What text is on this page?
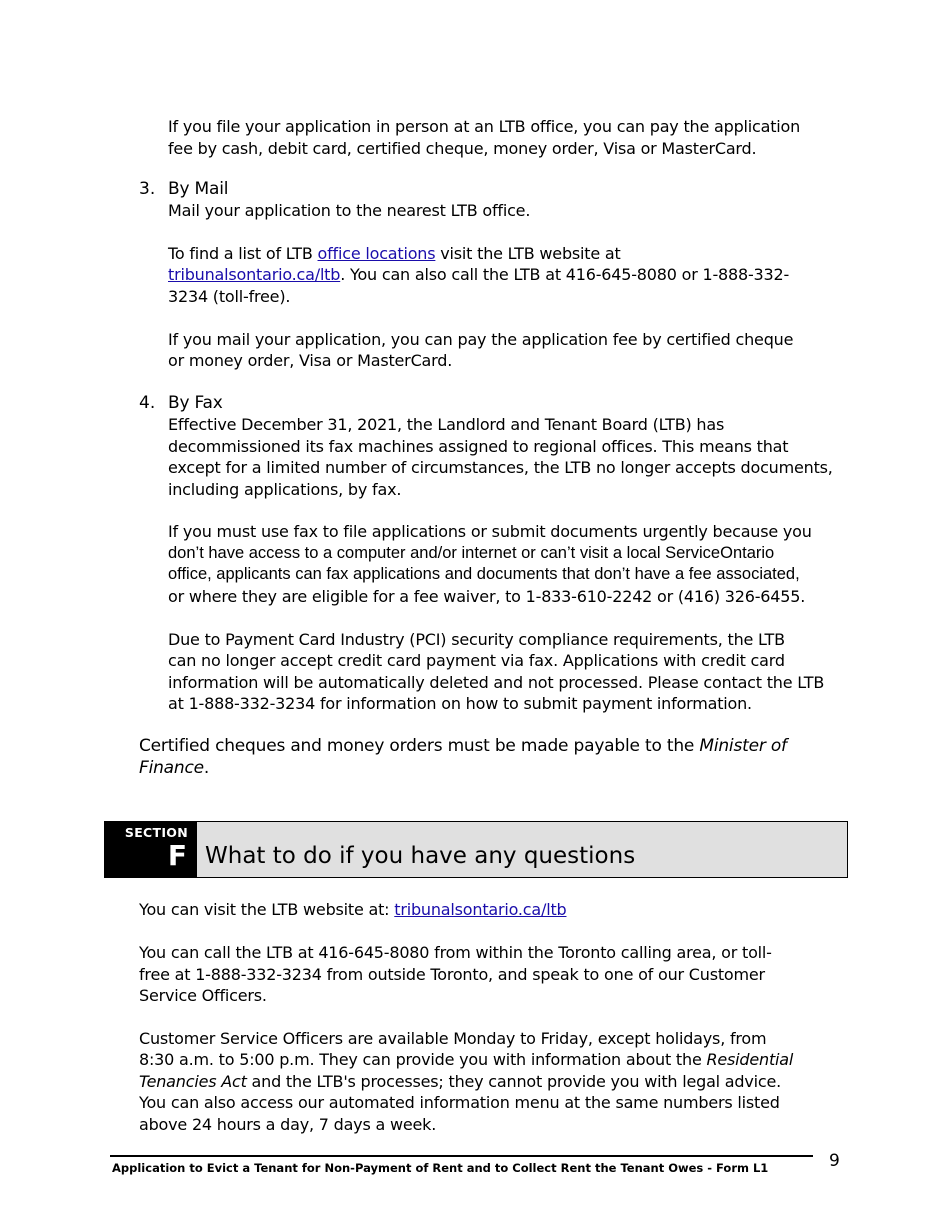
If you file your application in person at an LTB office, you can pay the application
fee by cash, debit card, certified cheque, money order, Visa or MasterCard.
3. By Mail
Mail your application to the nearest LTB office.
To find a list of LTB office locations visit the LTB website at
tribunalsontario.ca/ltb. You can also call the LTB at 416-645-8080 or 1-888-332-
3234 (toll-free).
If you mail your application, you can pay the application fee by certified cheque
or money order, Visa or MasterCard.
4. By Fax
Effective December 31, 2021, the Landlord and Tenant Board (LTB) has
decommissioned its fax machines assigned to regional offices. This means that
except for a limited number of circumstances, the LTB no longer accepts documents,
including applications, by fax.
If you must use fax to file applications or submit documents urgently because you
don’t have access to a computer and/or internet or can’t visit a local ServiceOntario
office, applicants can fax applications and documents that don’t have a fee associated,
or where they are eligible for a fee waiver, to 1-833-610-2242 or (416) 326-6455.
Due to Payment Card Industry (PCI) security compliance requirements, the LTB
can no longer accept credit card payment via fax. Applications with credit card
information will be automatically deleted and not processed. Please contact the LTB
at 1-888-332-3234 for information on how to submit payment information.
Certified cheques and money orders must be made payable to the Minister of
Finance.
SECTION
F What to do if you have any questions
You can visit the LTB website at: tribunalsontario.ca/ltb
You can call the LTB at 416-645-8080 from within the Toronto calling area, or toll-
free at 1-888-332-3234 from outside Toronto, and speak to one of our Customer
Service Officers.
Customer Service Officers are available Monday to Friday, except holidays, from
8:30 a.m. to 5:00 p.m. They can provide you with information about the Residential
Tenancies Act and the LTB's processes; they cannot provide you with legal advice.
You can also access our automated information menu at the same numbers listed
above 24 hours a day, 7 days a week.
Application to Evict a Tenant for Non-Payment of Rent and to Collect Rent the Tenant Owes - Form L1	9
